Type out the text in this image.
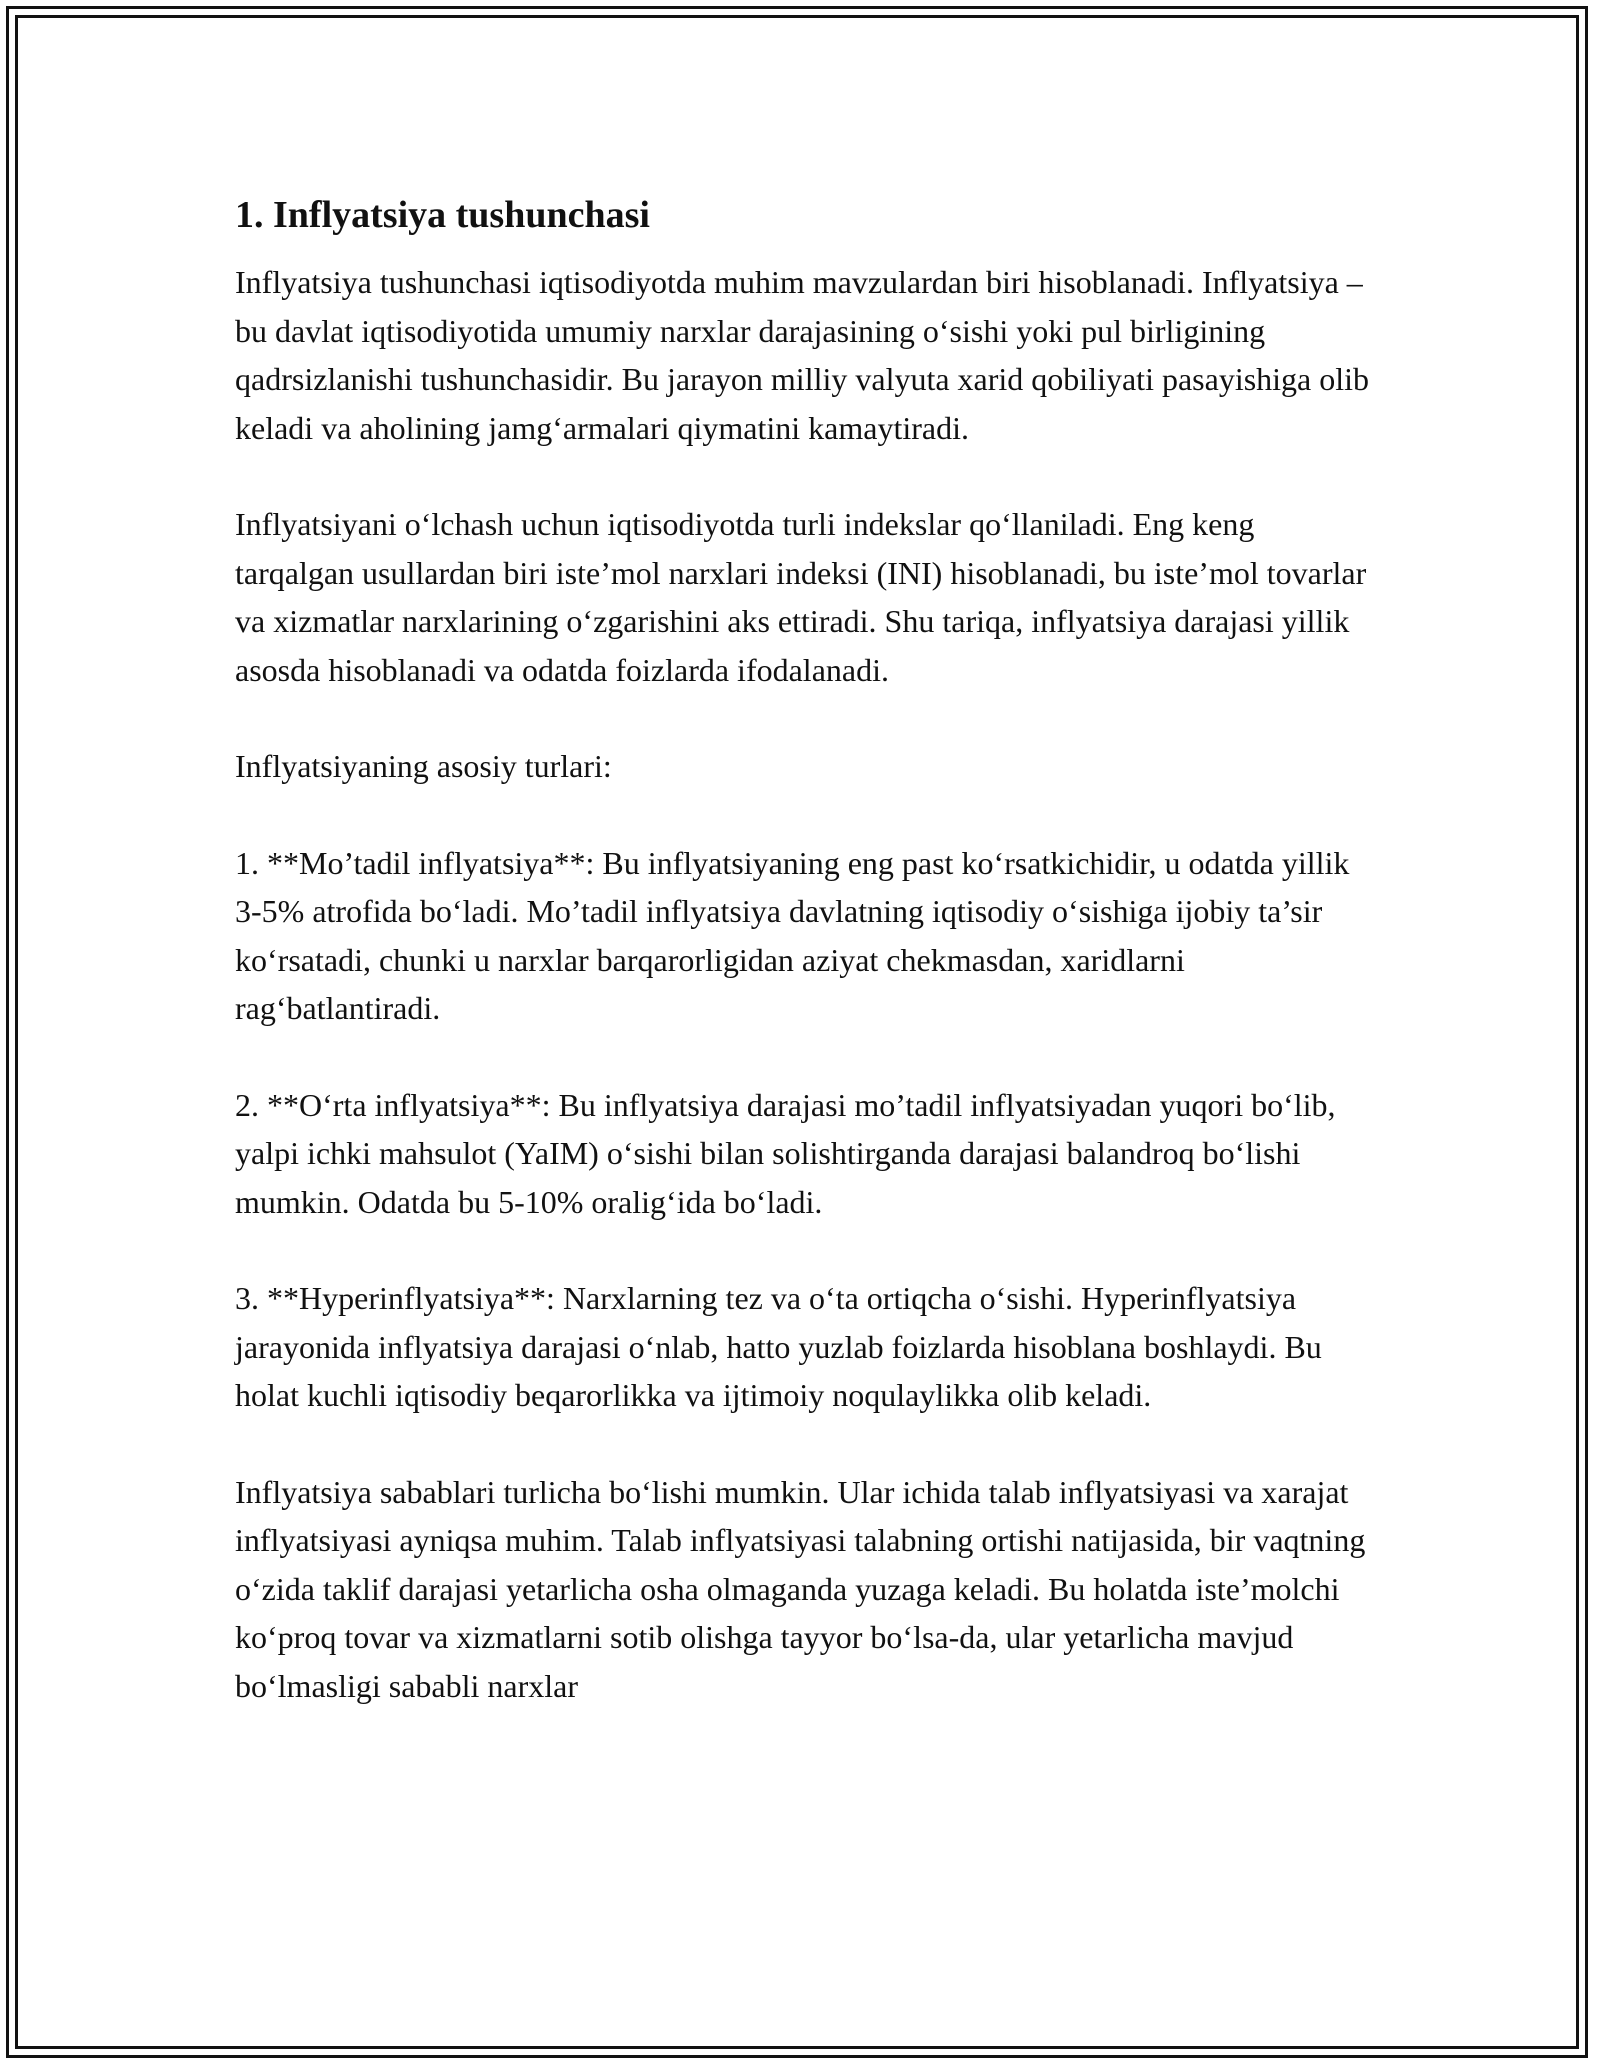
1. Inflyatsiya tushunchasi

Inflyatsiya tushunchasi iqtisodiyotda muhim mavzulardan biri hisoblanadi. Inflyatsiya – bu davlat iqtisodiyotida umumiy narxlar darajasining o‘sishi yoki pul birligining qadrsizlanishi tushunchasidir. Bu jarayon milliy valyuta xarid qobiliyati pasayishiga olib keladi va aholining jamg‘armalari qiymatini kamaytiradi.

Inflyatsiyani o‘lchash uchun iqtisodiyotda turli indekslar qo‘llaniladi. Eng keng tarqalgan usullardan biri iste’mol narxlari indeksi (INI) hisoblanadi, bu iste’mol tovarlar va xizmatlar narxlarining o‘zgarishini aks ettiradi. Shu tariqa, inflyatsiya darajasi yillik asosda hisoblanadi va odatda foizlarda ifodalanadi.

Inflyatsiyaning asosiy turlari:

1. **Mo’tadil inflyatsiya**: Bu inflyatsiyaning eng past ko‘rsatkichidir, u odatda yillik 3-5% atrofida bo‘ladi. Mo’tadil inflyatsiya davlatning iqtisodiy o‘sishiga ijobiy ta’sir ko‘rsatadi, chunki u narxlar barqarorligidan aziyat chekmasdan, xaridlarni rag‘batlantiradi.

2. **O‘rta inflyatsiya**: Bu inflyatsiya darajasi mo’tadil inflyatsiyadan yuqori bo‘lib, yalpi ichki mahsulot (YaIM) o‘sishi bilan solishtirganda darajasi balandroq bo‘lishi mumkin. Odatda bu 5-10% oralig‘ida bo‘ladi.

3. **Hyperinflyatsiya**: Narxlarning tez va o‘ta ortiqcha o‘sishi. Hyperinflyatsiya jarayonida inflyatsiya darajasi o‘nlab, hatto yuzlab foizlarda hisoblana boshlaydi. Bu holat kuchli iqtisodiy beqarorlikka va ijtimoiy noqulaylikka olib keladi.

Inflyatsiya sabablari turlicha bo‘lishi mumkin. Ular ichida talab inflyatsiyasi va xarajat inflyatsiyasi ayniqsa muhim. Talab inflyatsiyasi talabning ortishi natijasida, bir vaqtning o‘zida taklif darajasi yetarlicha osha olmaganda yuzaga keladi. Bu holatda iste’molchi ko‘proq tovar va xizmatlarni sotib olishga tayyor bo‘lsa-da, ular yetarlicha mavjud bo‘lmasligi sababli narxlar
